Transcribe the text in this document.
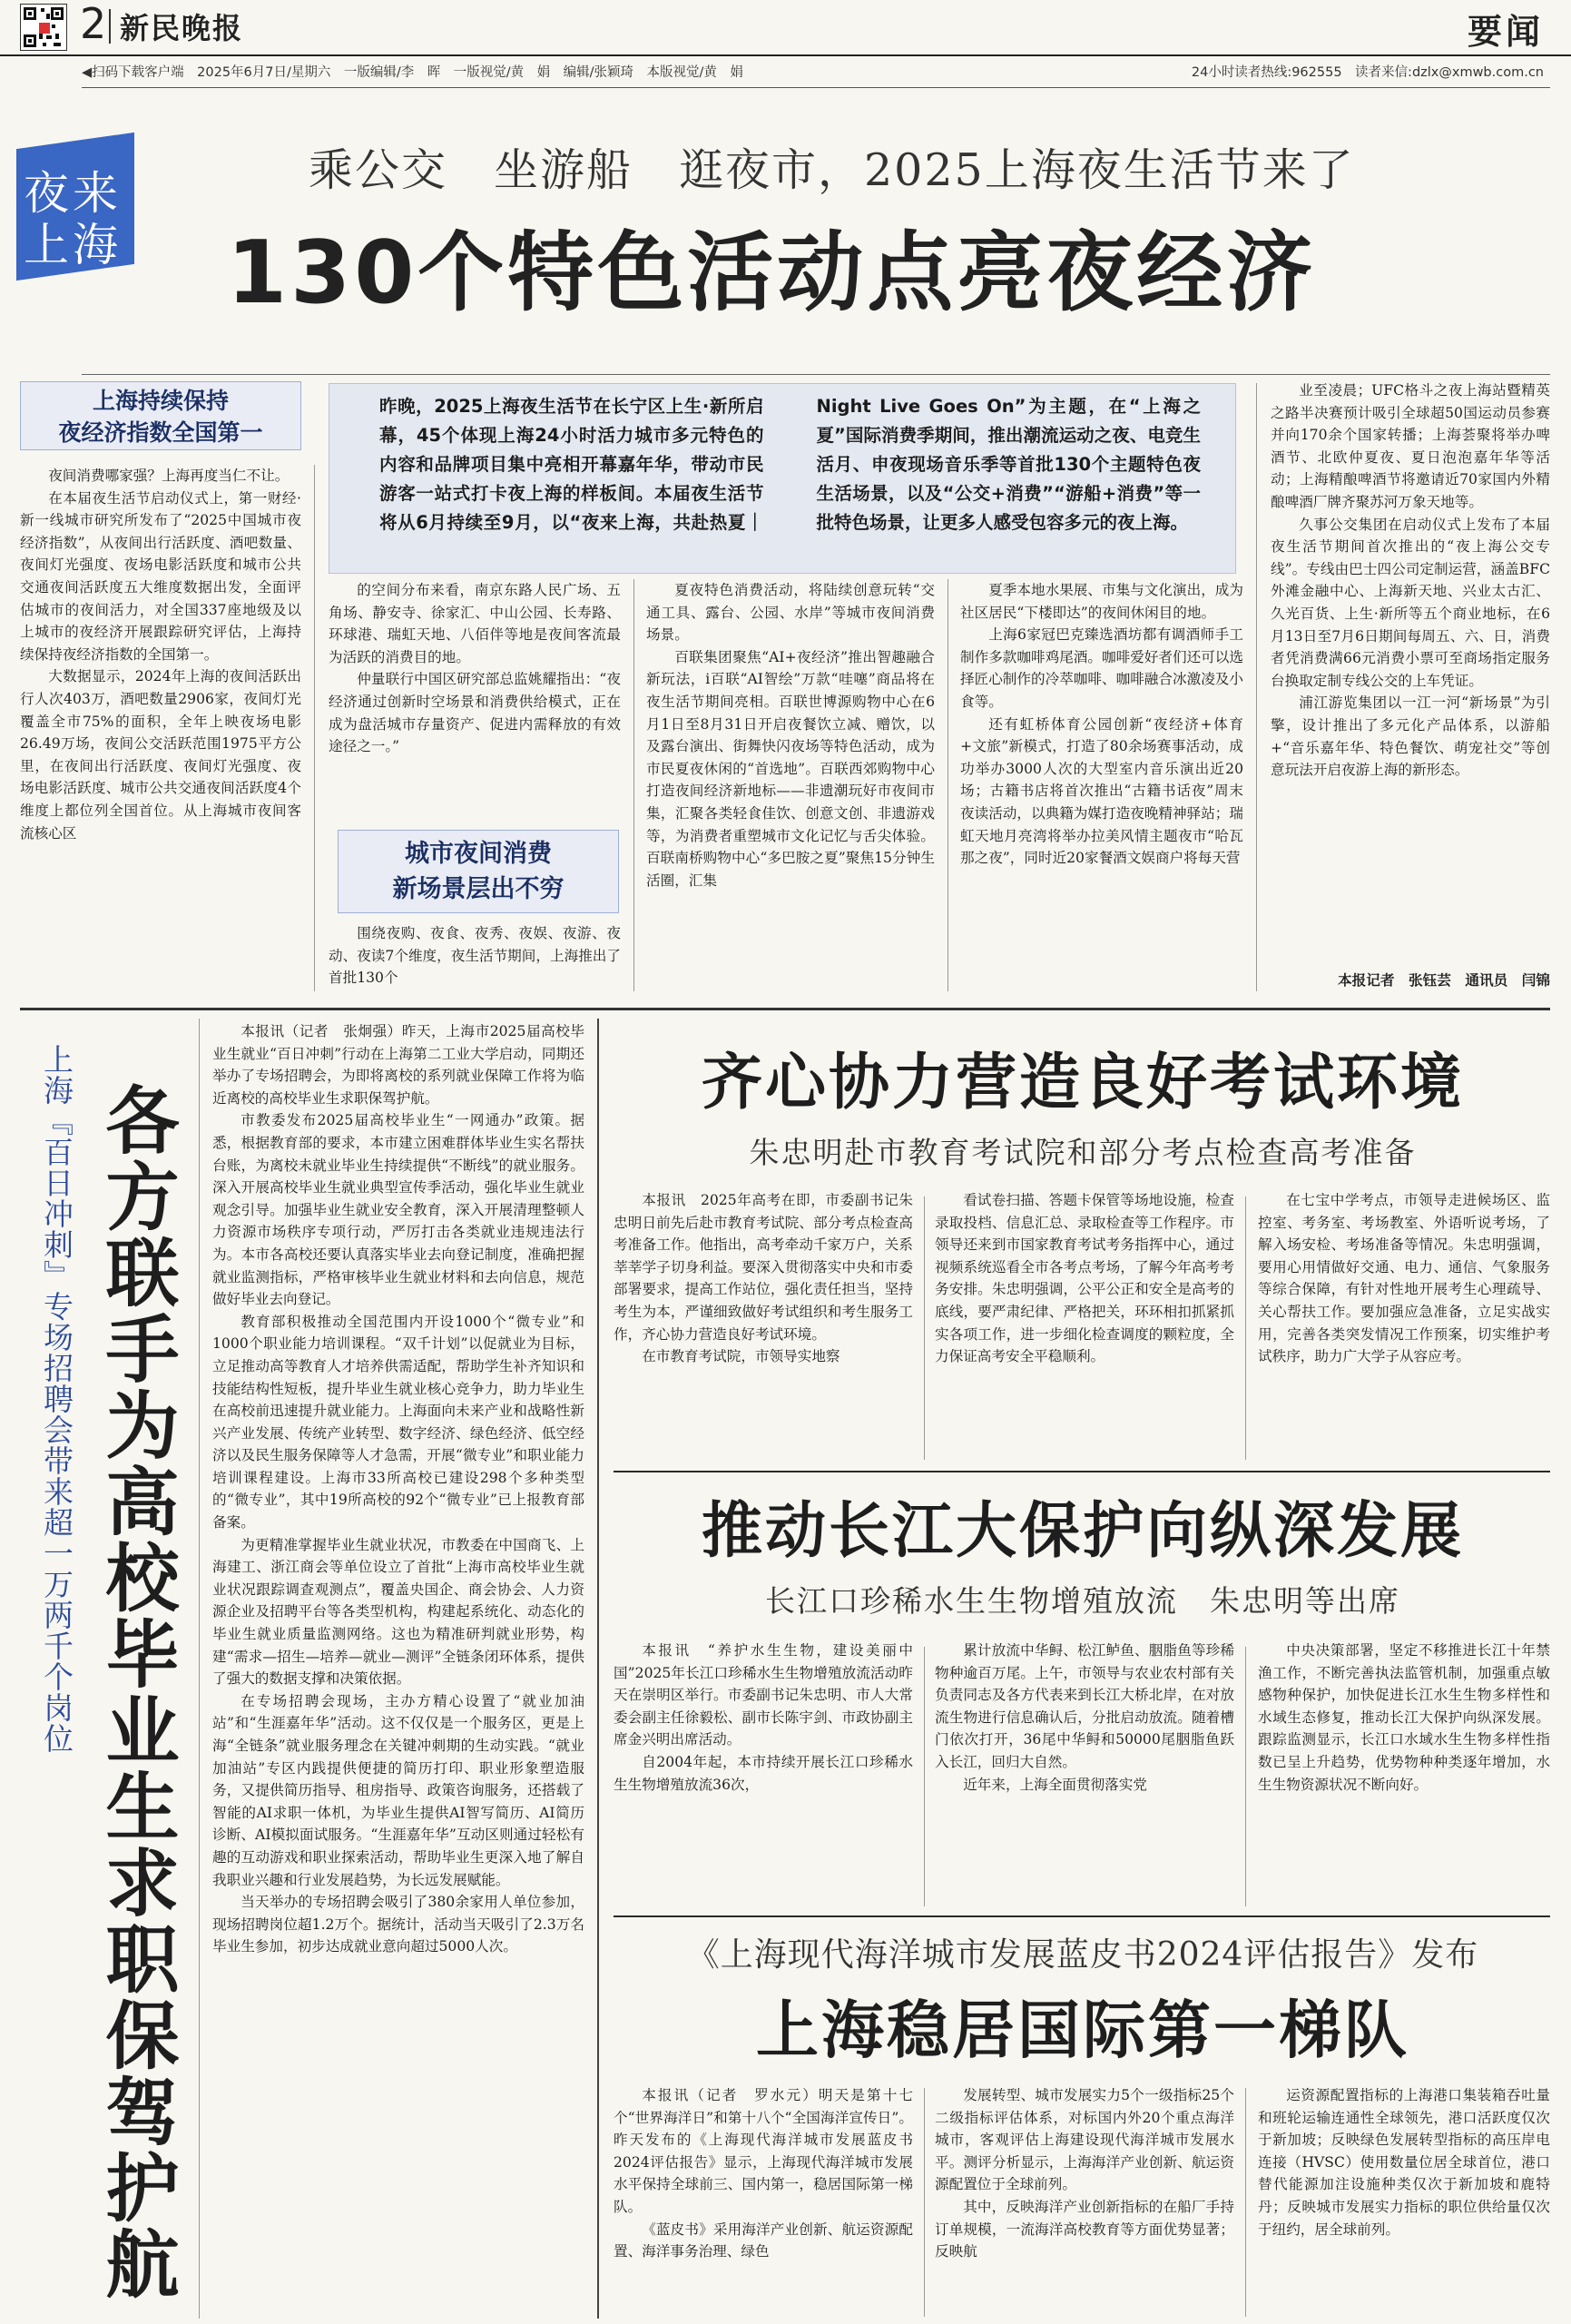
2 新民晚报	要闻
◀扫码下载客户端　2025年6月7日/星期六　一版编辑/李　晖　一版视觉/黄　娟　编辑/张颖琦　本版视觉/黄　娟	24小时读者热线:962555　读者来信:dzlx@xmwb.com.cn
夜来
上海
乘公交　坐游船　逛夜市，2025上海夜生活节来了
130个特色活动点亮夜经济
上海持续保持
夜经济指数全国第一
昨晚，2025上海夜生活节在长宁区上生·新所启幕，45个体现上海24小时活力城市多元特色的内容和品牌项目集中亮相开幕嘉年华，带动市民游客一站式打卡夜上海的样板间。本届夜生活节将从6月持续至9月，以“夜来上海，共赴热夏｜Night Live Goes On”为主题，在“上海之夏”国际消费季期间，推出潮流运动之夜、电竞生活月、申夜现场音乐季等首批130个主题特色夜生活场景，以及“公交+消费”“游船+消费”等一批特色场景，让更多人感受包容多元的夜上海。

夜间消费哪家强？上海再度当仁不让。

在本届夜生活节启动仪式上，第一财经·新一线城市研究所发布了“2025中国城市夜经济指数”，从夜间出行活跃度、酒吧数量、夜间灯光强度、夜场电影活跃度和城市公共交通夜间活跃度五大维度数据出发，全面评估城市的夜间活力，对全国337座地级及以上城市的夜经济开展跟踪研究评估，上海持续保持夜经济指数的全国第一。

大数据显示，2024年上海的夜间活跃出行人次403万，酒吧数量2906家，夜间灯光覆盖全市75%的面积，全年上映夜场电影26.49万场，夜间公交活跃范围1975平方公里，在夜间出行活跃度、夜间灯光强度、夜场电影活跃度、城市公共交通夜间活跃度4个维度上都位列全国首位。从上海城市夜间客流核心区

的空间分布来看，南京东路人民广场、五角场、静安寺、徐家汇、中山公园、长寿路、环球港、瑞虹天地、八佰伴等地是夜间客流最为活跃的消费目的地。

仲量联行中国区研究部总监姚耀指出：“夜经济通过创新时空场景和消费供给模式，正在成为盘活城市存量资产、促进内需释放的有效途径之一。”

城市夜间消费
新场景层出不穷

围绕夜购、夜食、夜秀、夜娱、夜游、夜动、夜读7个维度，夜生活节期间，上海推出了首批130个

夏夜特色消费活动，将陆续创意玩转“交通工具、露台、公园、水岸”等城市夜间消费场景。

百联集团聚焦“AI+夜经济”推出智趣融合新玩法，i百联“AI智绘”万款“哇噻”商品将在夜生活节期间亮相。百联世博源购物中心在6月1日至8月31日开启夜餐饮立减、赠饮，以及露台演出、街舞快闪夜场等特色活动，成为市民夏夜休闲的“首选地”。百联西郊购物中心打造夜间经济新地标——非遗潮玩好市夜间市集，汇聚各类轻食佳饮、创意文创、非遗游戏等，为消费者重塑城市文化记忆与舌尖体验。百联南桥购物中心“多巴胺之夏”聚焦15分钟生活圈，汇集

夏季本地水果展、市集与文化演出，成为社区居民“下楼即达”的夜间休闲目的地。

上海6家冠巴克臻选酒坊都有调酒师手工制作多款咖啡鸡尾酒。咖啡爱好者们还可以选择匠心制作的冷萃咖啡、咖啡融合冰激凌及小食等。

还有虹桥体育公园创新“夜经济+体育+文旅”新模式，打造了80余场赛事活动，成功举办3000人次的大型室内音乐演出近20场；古籍书店将首次推出“古籍书话夜”周末夜读活动，以典籍为媒打造夜晚精神驿站；瑞虹天地月亮湾将举办拉美风情主题夜市“哈瓦那之夜”，同时近20家餐酒文娱商户将每天营

业至凌晨；UFC格斗之夜上海站暨精英之路半决赛预计吸引全球超50国运动员参赛并向170余个国家转播；上海荟聚将举办啤酒节、北欧仲夏夜、夏日泡泡嘉年华等活动；上海精酿啤酒节将邀请近70家国内外精酿啤酒厂牌齐聚苏河万象天地等。

久事公交集团在启动仪式上发布了本届夜生活节期间首次推出的“夜上海公交专线”。专线由巴士四公司定制运营，涵盖BFC外滩金融中心、上海新天地、兴业太古汇、久光百货、上生·新所等五个商业地标，在6月13日至7月6日期间每周五、六、日，消费者凭消费满66元消费小票可至商场指定服务台换取定制专线公交的上车凭证。

浦江游览集团以一江一河“新场景”为引擎，设计推出了多元化产品体系，以游船+“音乐嘉年华、特色餐饮、萌宠社交”等创意玩法开启夜游上海的新形态。

本报记者　张钰芸　通讯员　闫锦
上海『百日冲刺』专场招聘会带来超一万两千个岗位 各方联手为高校毕业生求职保驾护航

本报讯（记者　张炯强）昨天，上海市2025届高校毕业生就业“百日冲刺”行动在上海第二工业大学启动，同期还举办了专场招聘会，为即将离校的系列就业保障工作将为临近离校的高校毕业生求职保驾护航。

市教委发布2025届高校毕业生“一网通办”政策。据悉，根据教育部的要求，本市建立困难群体毕业生实名帮扶台账，为离校未就业毕业生持续提供“不断线”的就业服务。深入开展高校毕业生就业典型宣传季活动，强化毕业生就业观念引导。加强毕业生就业安全教育，深入开展清理整顿人力资源市场秩序专项行动，严厉打击各类就业违规违法行为。本市各高校还要认真落实毕业去向登记制度，准确把握就业监测指标，严格审核毕业生就业材料和去向信息，规范做好毕业去向登记。

教育部积极推动全国范围内开设1000个“微专业”和1000个职业能力培训课程。“双千计划”以促就业为目标，立足推动高等教育人才培养供需适配，帮助学生补齐知识和技能结构性短板，提升毕业生就业核心竞争力，助力毕业生在高校前迅速提升就业能力。上海面向未来产业和战略性新兴产业发展、传统产业转型、数字经济、绿色经济、低空经济以及民生服务保障等人才急需，开展“微专业”和职业能力培训课程建设。上海市33所高校已建设298个多种类型的“微专业”，其中19所高校的92个“微专业”已上报教育部备案。

为更精准掌握毕业生就业状况，市教委在中国商飞、上海建工、浙江商会等单位设立了首批“上海市高校毕业生就业状况跟踪调查观测点”，覆盖央国企、商会协会、人力资源企业及招聘平台等各类型机构，构建起系统化、动态化的毕业生就业质量监测网络。这也为精准研判就业形势，构建“需求—招生—培养—就业—测评”全链条闭环体系，提供了强大的数据支撑和决策依据。

在专场招聘会现场，主办方精心设置了“就业加油站”和“生涯嘉年华”活动。这不仅仅是一个服务区，更是上海“全链条”就业服务理念在关键冲刺期的生动实践。“就业加油站”专区内践提供便捷的简历打印、职业形象塑造服务，又提供简历指导、租房指导、政策咨询服务，还搭载了智能的AI求职一体机，为毕业生提供AI智写简历、AI简历诊断、AI模拟面试服务。“生涯嘉年华”互动区则通过轻松有趣的互动游戏和职业探索活动，帮助毕业生更深入地了解自我职业兴趣和行业发展趋势，为长远发展赋能。

当天举办的专场招聘会吸引了380余家用人单位参加，现场招聘岗位超1.2万个。据统计，活动当天吸引了2.3万名毕业生参加，初步达成就业意向超过5000人次。

齐心协力营造良好考试环境
朱忠明赴市教育考试院和部分考点检查高考准备

本报讯　2025年高考在即，市委副书记朱忠明日前先后赴市教育考试院、部分考点检查高考准备工作。他指出，高考牵动千家万户，关系莘莘学子切身利益。要深入贯彻落实中央和市委部署要求，提高工作站位，强化责任担当，坚持考生为本，严谨细致做好考试组织和考生服务工作，齐心协力营造良好考试环境。

在市教育考试院，市领导实地察

看试卷扫描、答题卡保管等场地设施，检查录取投档、信息汇总、录取检查等工作程序。市领导还来到市国家教育考试考务指挥中心，通过视频系统巡看全市各考点考场，了解今年高考考务安排。朱忠明强调，公平公正和安全是高考的底线，要严肃纪律、严格把关，环环相扣抓紧抓实各项工作，进一步细化检查调度的颗粒度，全力保证高考安全平稳顺利。

在七宝中学考点，市领导走进候场区、监控室、考务室、考场教室、外语听说考场，了解入场安检、考场准备等情况。朱忠明强调，要用心用情做好交通、电力、通信、气象服务等综合保障，有针对性地开展考生心理疏导、关心帮扶工作。要加强应急准备，立足实战实用，完善各类突发情况工作预案，切实维护考试秩序，助力广大学子从容应考。

推动长江大保护向纵深发展
长江口珍稀水生生物增殖放流　朱忠明等出席

本报讯　“养护水生生物，建设美丽中国”2025年长江口珍稀水生生物增殖放流活动昨天在崇明区举行。市委副书记朱忠明、市人大常委会副主任徐毅松、副市长陈宇剑、市政协副主席金兴明出席活动。

自2004年起，本市持续开展长江口珍稀水生生物增殖放流36次，

累计放流中华鲟、松江鲈鱼、胭脂鱼等珍稀物种逾百万尾。上午，市领导与农业农村部有关负责同志及各方代表来到长江大桥北岸，在对放流生物进行信息确认后，分批启动放流。随着槽门依次打开，36尾中华鲟和50000尾胭脂鱼跃入长江，回归大自然。

近年来，上海全面贯彻落实党

中央决策部署，坚定不移推进长江十年禁渔工作，不断完善执法监管机制，加强重点敏感物种保护，加快促进长江水生生物多样性和水域生态修复，推动长江大保护向纵深发展。跟踪监测显示，长江口水域水生生物多样性指数已呈上升趋势，优势物种种类逐年增加，水生生物资源状况不断向好。

《上海现代海洋城市发展蓝皮书2024评估报告》发布
上海稳居国际第一梯队

本报讯（记者　罗水元）明天是第十七个“世界海洋日”和第十八个“全国海洋宣传日”。昨天发布的《上海现代海洋城市发展蓝皮书2024评估报告》显示，上海现代海洋城市发展水平保持全球前三、国内第一，稳居国际第一梯队。

《蓝皮书》采用海洋产业创新、航运资源配置、海洋事务治理、绿色

发展转型、城市发展实力5个一级指标25个二级指标评估体系，对标国内外20个重点海洋城市，客观评估上海建设现代海洋城市发展水平。测评分析显示，上海海洋产业创新、航运资源配置位于全球前列。

其中，反映海洋产业创新指标的在船厂手持订单规模，一流海洋高校教育等方面优势显著；反映航

运资源配置指标的上海港口集装箱吞吐量和班轮运输连通性全球领先，港口活跃度仅次于新加坡；反映绿色发展转型指标的高压岸电连接（HVSC）使用数量位居全球首位，港口替代能源加注设施种类仅次于新加坡和鹿特丹；反映城市发展实力指标的职位供给量仅次于纽约，居全球前列。
